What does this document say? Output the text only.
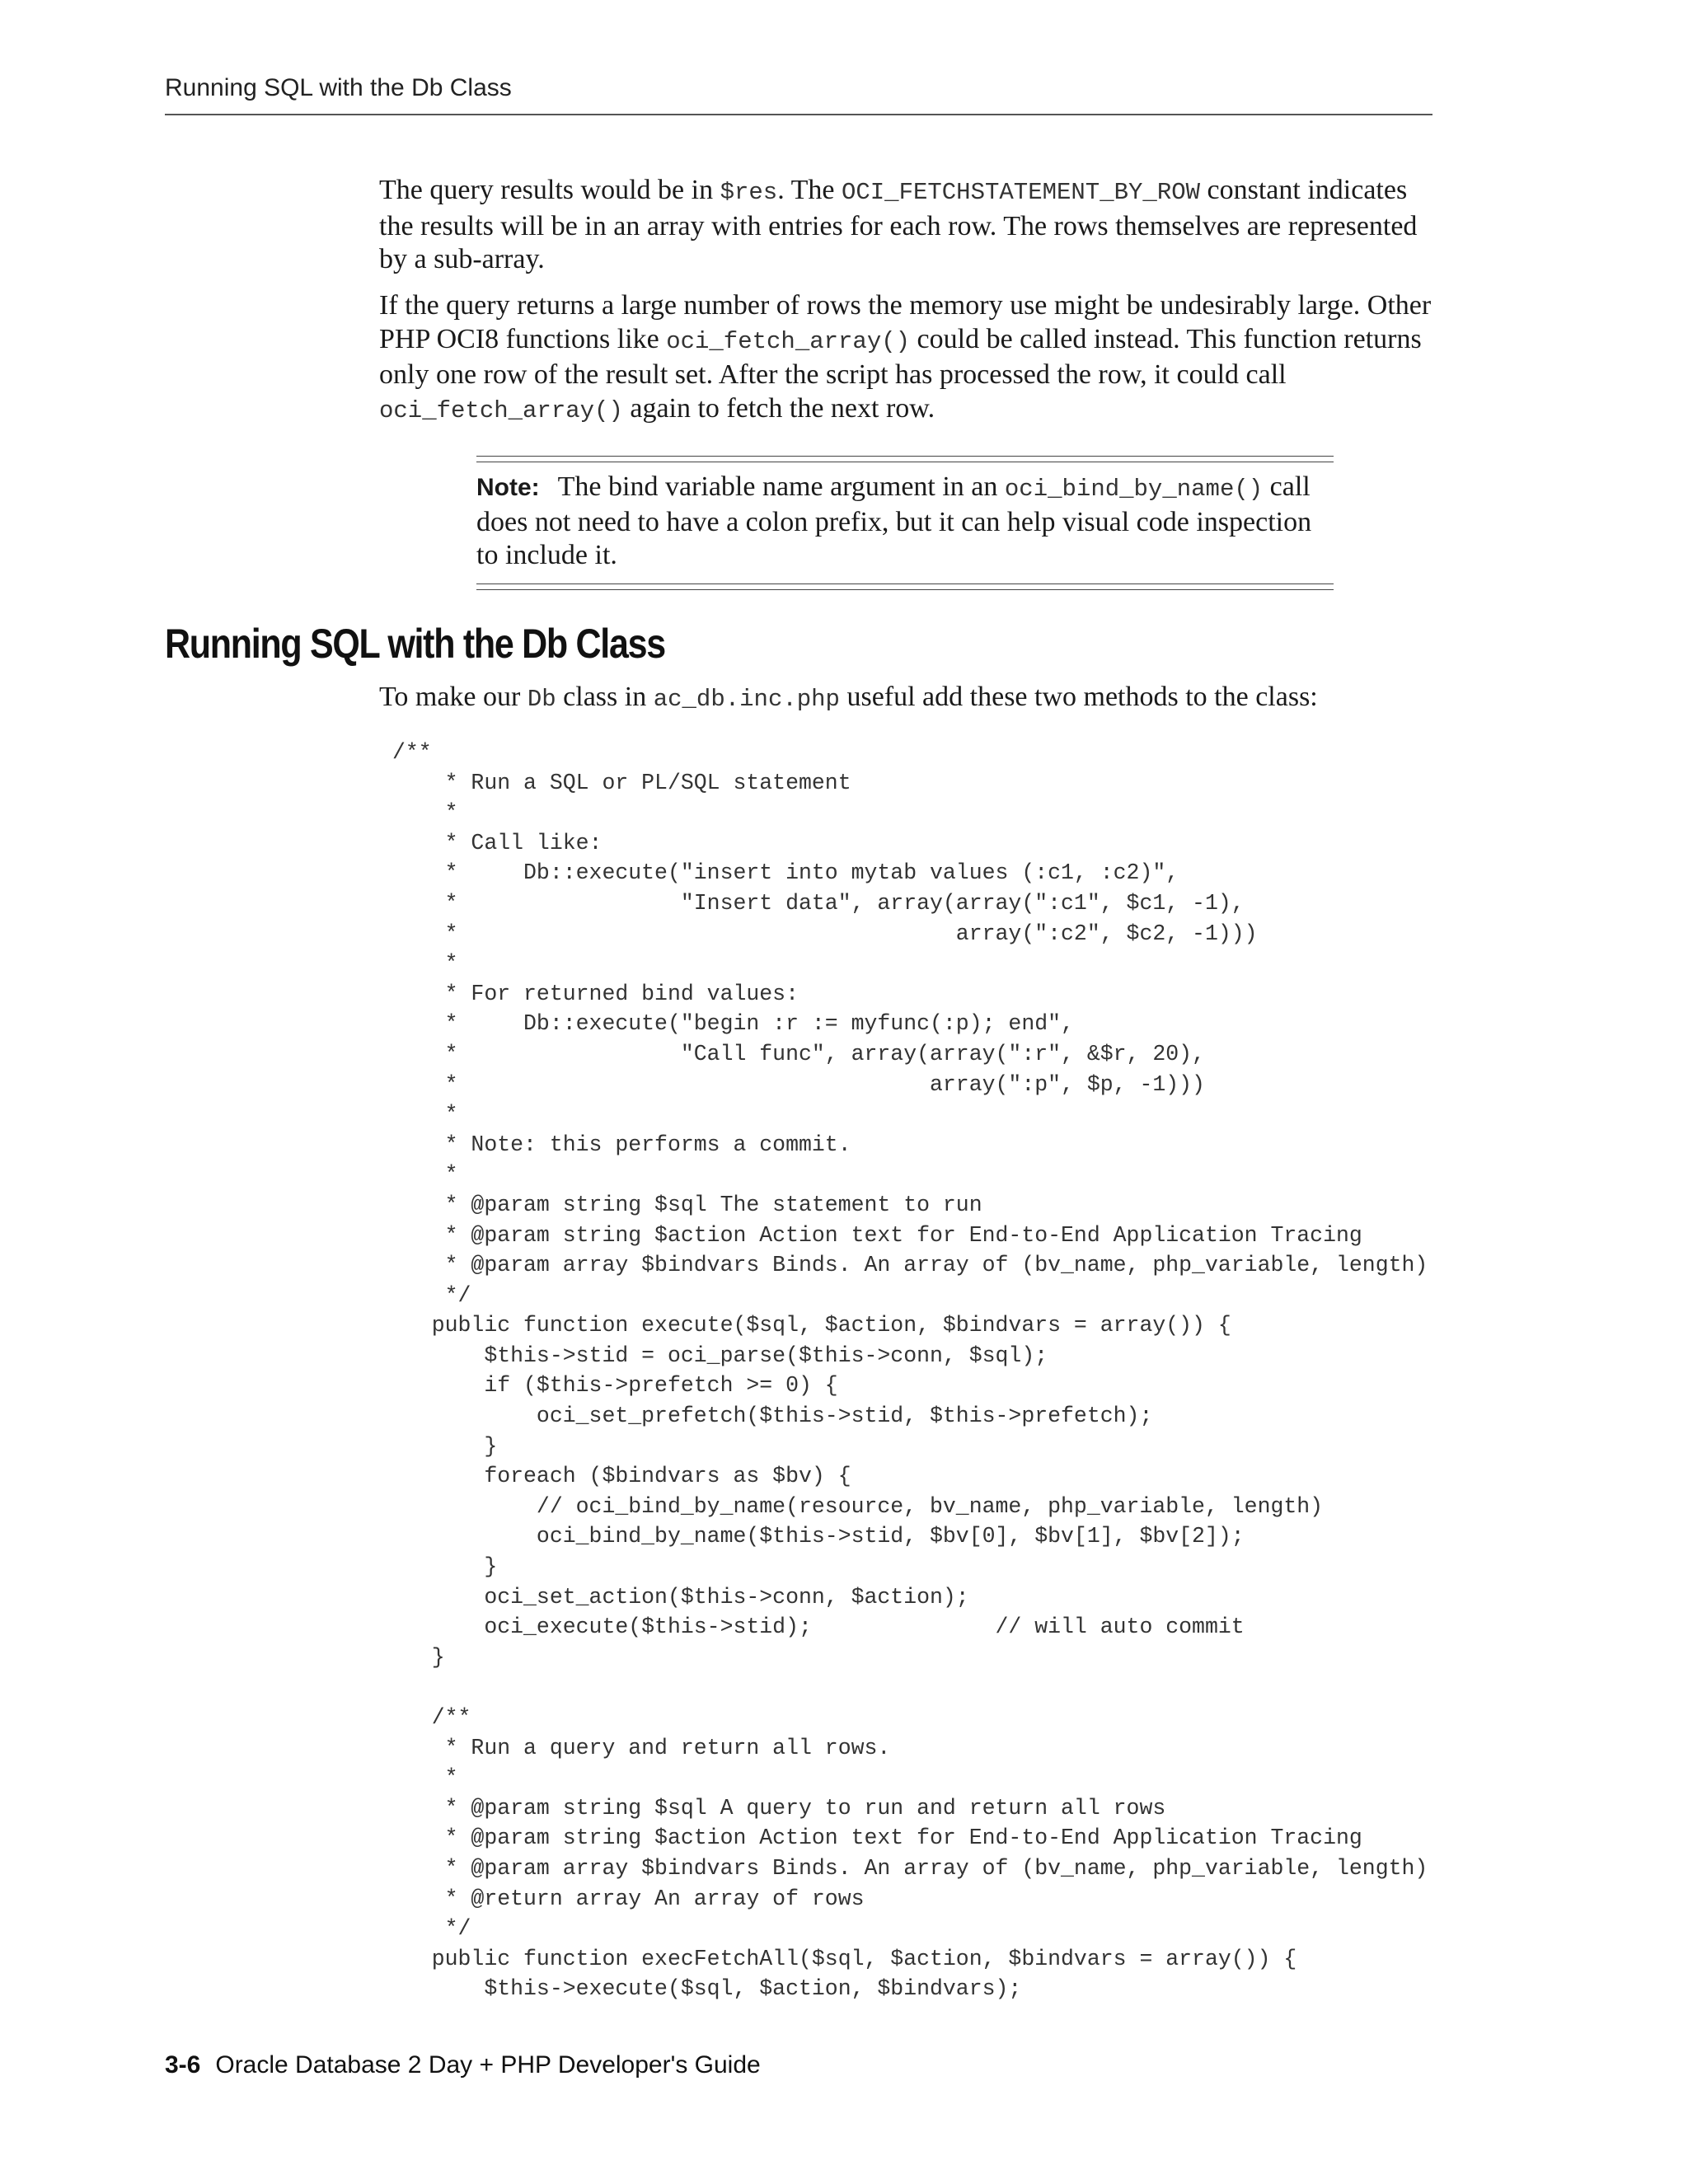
Running SQL with the Db Class

The query results would be in $res. The OCI_FETCHSTATEMENT_BY_ROW constant indicates the results will be in an array with entries for each row. The rows themselves are represented by a sub-array.

If the query returns a large number of rows the memory use might be undesirably large. Other PHP OCI8 functions like oci_fetch_array() could be called instead. This function returns only one row of the result set. After the script has processed the row, it could call oci_fetch_array() again to fetch the next row.

Note: The bind variable name argument in an oci_bind_by_name() call does not need to have a colon prefix, but it can help visual code inspection to include it.
Running SQL with the Db Class

To make our Db class in ac_db.inc.php useful add these two methods to the class:

/**
* Run a SQL or PL/SQL statement
*
* Call like:
*     Db::execute("insert into mytab values (:c1, :c2)",
*                 "Insert data", array(array(":c1", $c1, -1),
*                                      array(":c2", $c2, -1)))
*
* For returned bind values:
*     Db::execute("begin :r := myfunc(:p); end",
*                 "Call func", array(array(":r", &$r, 20),
*                                    array(":p", $p, -1)))
*
* Note: this performs a commit.
*
* @param string $sql The statement to run
* @param string $action Action text for End-to-End Application Tracing
* @param array $bindvars Binds. An array of (bv_name, php_variable, length)
*/
public function execute($sql, $action, $bindvars = array()) {
$this->stid = oci_parse($this->conn, $sql);
if ($this->prefetch >= 0) {
oci_set_prefetch($this->stid, $this->prefetch);
}
foreach ($bindvars as $bv) {
// oci_bind_by_name(resource, bv_name, php_variable, length)
oci_bind_by_name($this->stid, $bv[0], $bv[1], $bv[2]);
}
oci_set_action($this->conn, $action);
oci_execute($this->stid);              // will auto commit
}
/**
* Run a query and return all rows.
*
* @param string $sql A query to run and return all rows
* @param string $action Action text for End-to-End Application Tracing
* @param array $bindvars Binds. An array of (bv_name, php_variable, length)
* @return array An array of rows
*/
public function execFetchAll($sql, $action, $bindvars = array()) {
$this->execute($sql, $action, $bindvars);
3-6 Oracle Database 2 Day + PHP Developer's Guide
